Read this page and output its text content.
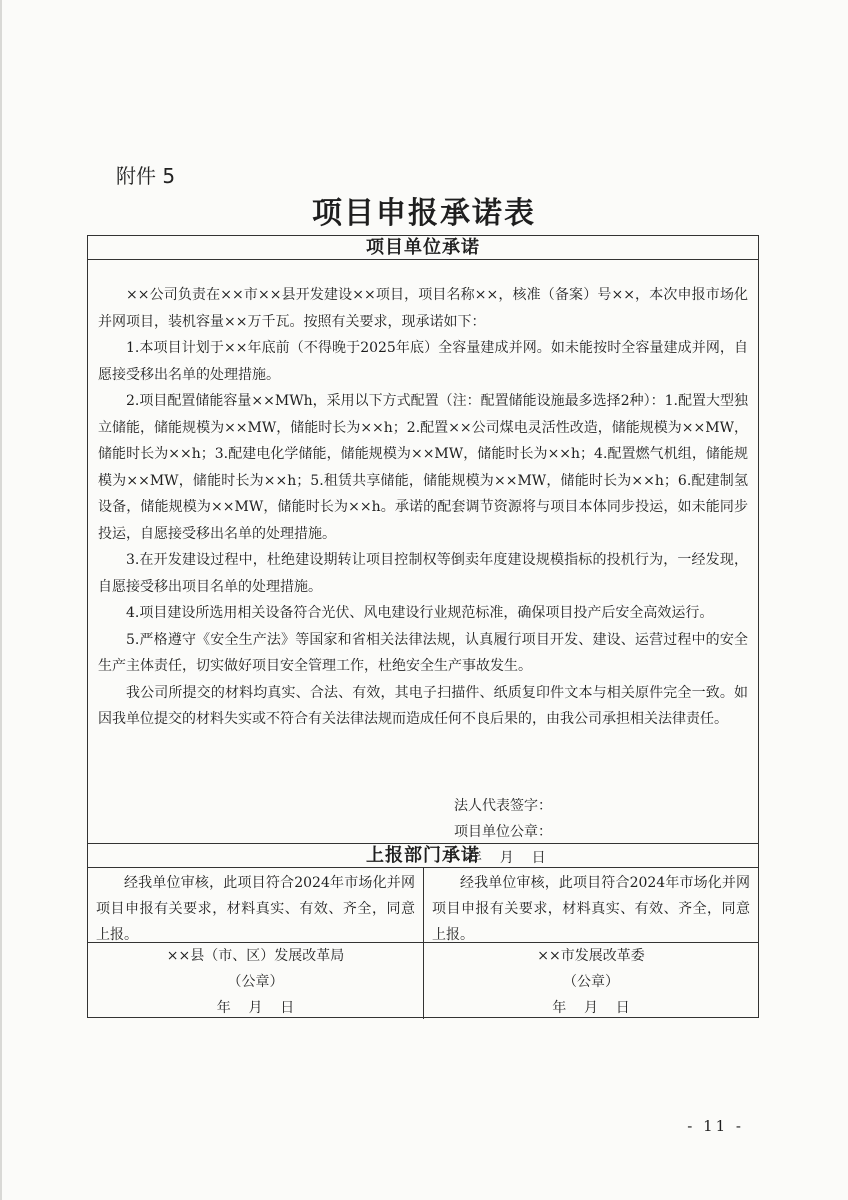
附件 5
项目申报承诺表
项目单位承诺

××公司负责在××市××县开发建设××项目，项目名称××，核准（备案）号××，本次申报市场化并网项目，装机容量××万千瓦。按照有关要求，现承诺如下：

1.本项目计划于××年底前（不得晚于2025年底）全容量建成并网。如未能按时全容量建成并网，自愿接受移出名单的处理措施。

2.项目配置储能容量××MWh，采用以下方式配置（注：配置储能设施最多选择2种）：1.配置大型独立储能，储能规模为××MW，储能时长为××h；2.配置××公司煤电灵活性改造，储能规模为××MW，储能时长为××h；3.配建电化学储能，储能规模为××MW，储能时长为××h；4.配置燃气机组，储能规模为××MW，储能时长为××h；5.租赁共享储能，储能规模为××MW，储能时长为××h；6.配建制氢设备，储能规模为××MW，储能时长为××h。承诺的配套调节资源将与项目本体同步投运，如未能同步投运，自愿接受移出名单的处理措施。

3.在开发建设过程中，杜绝建设期转让项目控制权等倒卖年度建设规模指标的投机行为，一经发现，自愿接受移出项目名单的处理措施。

4.项目建设所选用相关设备符合光伏、风电建设行业规范标准，确保项目投产后安全高效运行。

5.严格遵守《安全生产法》等国家和省相关法律法规，认真履行项目开发、建设、运营过程中的安全生产主体责任，切实做好项目安全管理工作，杜绝安全生产事故发生。

我公司所提交的材料均真实、合法、有效，其电子扫描件、纸质复印件文本与相关原件完全一致。如因我单位提交的材料失实或不符合有关法律法规而造成任何不良后果的，由我公司承担相关法律责任。

法人代表签字：
项目单位公章：
年    月    日
上报部门承诺

经我单位审核，此项目符合2024年市场化并网项目申报有关要求，材料真实、有效、齐全，同意上报。

经我单位审核，此项目符合2024年市场化并网项目申报有关要求，材料真实、有效、齐全，同意上报。

××县（市、区）发展改革局
（公章）
年    月    日
××市发展改革委
（公章）
年    月    日
- 11 -
